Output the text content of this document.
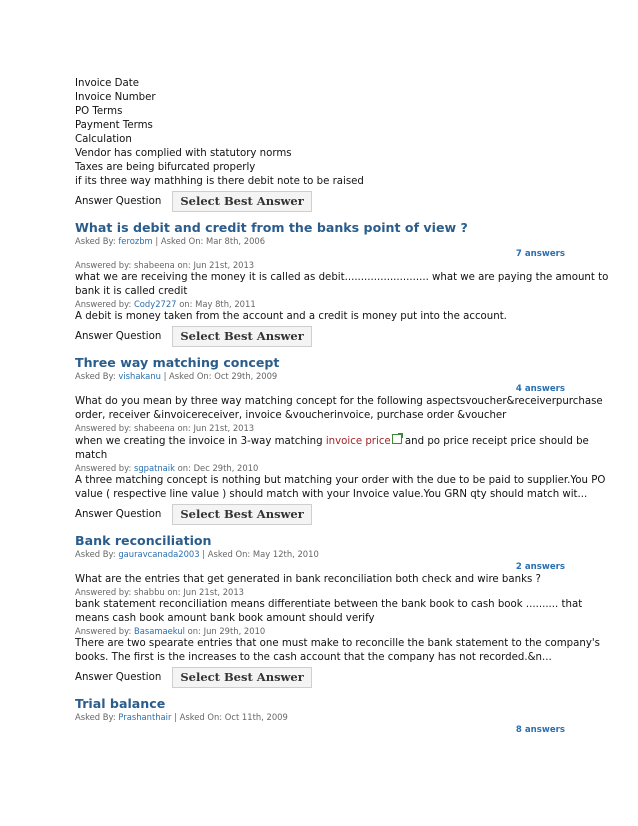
Invoice Date
Invoice Number
PO Terms
Payment Terms
Calculation
Vendor has complied with statutory norms
Taxes are being bifurcated properly
if its three way mathhing is there debit note to be raised
Answer Question	Select Best Answer
What is debit and credit from the banks point of view ?
Asked By: ferozbm | Asked On: Mar 8th, 2006
7 answers
Answered by: shabeena on: Jun 21st, 2013
what we are receiving the money it is called as debit.......................... what we are paying the amount to
bank it is called credit
Answered by: Cody2727 on: May 8th, 2011
A debit is money taken from the account and a credit is money put into the account.
Answer Question	Select Best Answer
Three way matching concept
Asked By: vishakanu | Asked On: Oct 29th, 2009
4 answers
What do you mean by three way matching concept for the following aspectsvoucher&receiverpurchase
order, receiver &invoicereceiver, invoice &voucherinvoice, purchase order &voucher
Answered by: shabeena on: Jun 21st, 2013
when we creating the invoice in 3-way matching invoice price and po price receipt price should be
match
Answered by: sgpatnaik on: Dec 29th, 2010
A three matching concept is nothing but matching your order with the due to be paid to supplier.You PO
value ( respective line value ) should match with your Invoice value.You GRN qty should match wit...
Answer Question	Select Best Answer
Bank reconciliation
Asked By: gauravcanada2003 | Asked On: May 12th, 2010
2 answers
What are the entries that get generated in bank reconciliation both check and wire banks ?
Answered by: shabbu on: Jun 21st, 2013
bank statement reconciliation means differentiate between the bank book to cash book .......... that
means cash book amount bank book amount should verify
Answered by: Basamaekul on: Jun 29th, 2010
There are two spearate entries that one must make to reconcille the bank statement to the company's
books. The first is the increases to the cash account that the company has not recorded.&n...
Answer Question	Select Best Answer
Trial balance
Asked By: Prashanthair | Asked On: Oct 11th, 2009
8 answers
